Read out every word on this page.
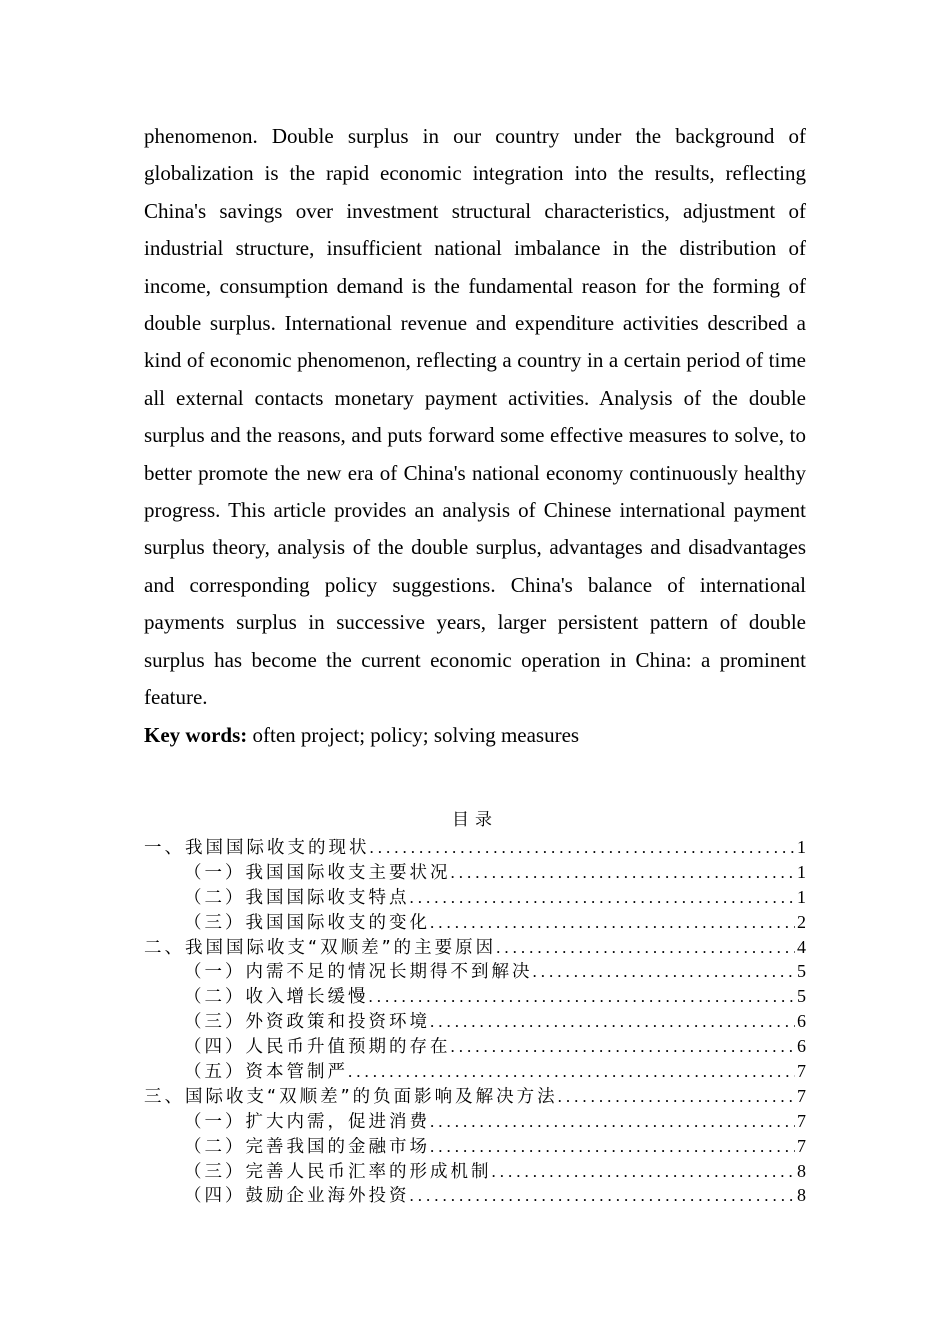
phenomenon. Double surplus in our country under the background of globalization is the rapid economic integration into the results, reflecting China's savings over investment structural characteristics, adjustment of industrial structure, insufficient national imbalance in the distribution of income, consumption demand is the fundamental reason for the forming of double surplus. International revenue and expenditure activities described a kind of economic phenomenon, reflecting a country in a certain period of time all external contacts monetary payment activities. Analysis of the double surplus and the reasons, and puts forward some effective measures to solve, to better promote the new era of China's national economy continuously healthy progress. This article provides an analysis of Chinese international payment surplus theory, analysis of the double surplus, advantages and disadvantages and corresponding policy suggestions. China's balance of international payments surplus in successive years, larger persistent pattern of double surplus has become the current economic operation in China: a prominent feature.

Key words: often project; policy; solving measures

目录
一、我国国际收支的现状 .....	1
（一）我国国际收支主要状况 .....	1
（二）我国国际收支特点 .....	1
（三）我国国际收支的变化 .....	2
二、我国国际收支“双顺差”的主要原因 .....	4
（一）内需不足的情况长期得不到解决 .....	5
（二）收入增长缓慢 .....	5
（三）外资政策和投资环境 .....	6
（四）人民币升值预期的存在 .....	6
（五）资本管制严 .....	7
三、国际收支“双顺差”的负面影响及解决方法 .....	7
（一）扩大内需，促进消费 .....	7
（二）完善我国的金融市场 .....	7
（三）完善人民币汇率的形成机制 .....	8
（四）鼓励企业海外投资 .....	8
